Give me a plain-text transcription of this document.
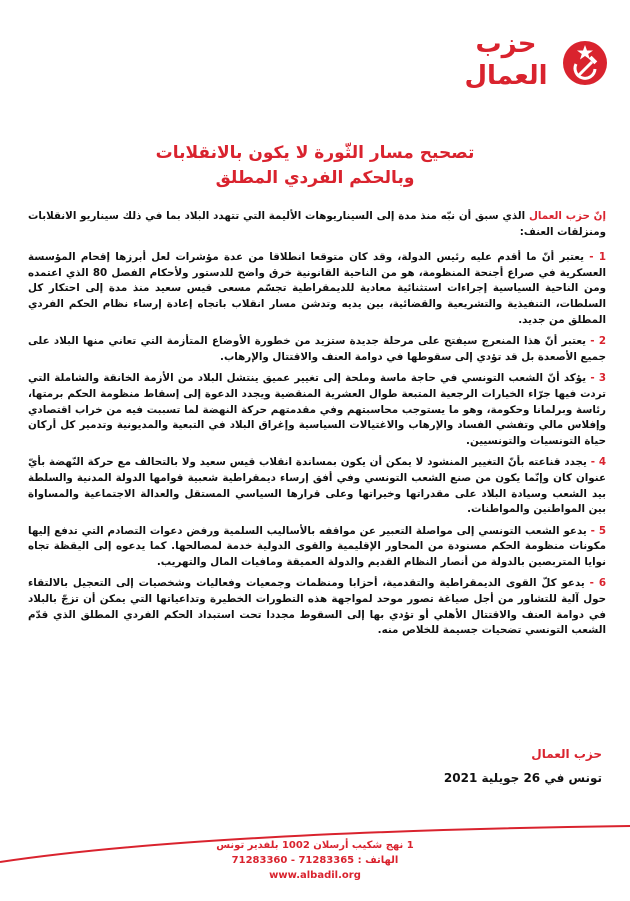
حزب
العمال
تصحيح مسار الثّورة لا يكون بالانقلابات
وبالحكم الفردي المطلق

إنّ حزب العمال الذي سبق أن نبّه منذ مدة إلى السيناريوهات الأليمة التي تتهدد البلاد بما في ذلك سيناريو الانقلابات ومنزلقات العنف:

1 - يعتبر أنّ ما أقدم عليه رئيس الدولة، وقد كان متوقعا انطلاقا من عدة مؤشرات لعل أبرزها إقحام المؤسسة العسكرية في صراع أجنحة المنظومة، هو من الناحية القانونية خرق واضح للدستور ولأحكام الفصل 80 الذي اعتمده ومن الناحية السياسية إجراءات استثنائية معادية للديمقراطية تجسّم مسعى قيس سعيد منذ مدة إلى احتكار كل السلطات، التنفيذية والتشريعية والقضائية، بين يديه وتدشن مسار انقلاب باتجاه إعادة إرساء نظام الحكم الفردي المطلق من جديد.

2 - يعتبر أنّ هذا المنعرج سيفتح على مرحلة جديدة ستزيد من خطورة الأوضاع المتأزمة التي تعاني منها البلاد على جميع الأصعدة بل قد تؤدي إلى سقوطها في دوامة العنف والاقتتال والإرهاب.

3 - يؤكد أنّ الشعب التونسي في حاجة ماسة وملحة إلى تغيير عميق ينتشل البلاد من الأزمة الخانقة والشاملة التي تردت فيها جرّاء الخيارات الرجعية المتبعة طوال العشرية المنقضية ويجدد الدعوة إلى إسقاط منظومة الحكم برمتها، رئاسة وبرلمانا وحكومة، وهو ما يستوجب محاسبتهم وفي مقدمتهم حركة النهضة لما تسببت فيه من خراب اقتصادي وإفلاس مالي وتفشي الفساد والإرهاب والاغتيالات السياسية وإغراق البلاد في التبعية والمديونية وتدمير كل أركان حياة التونسيات والتونسيين.

4 - يجدد قناعته بأنّ التغيير المنشود لا يمكن أن يكون بمساندة انقلاب قيس سعيد ولا بالتحالف مع حركة النّهضة بأيّ عنوان كان وإنّما يكون من صنع الشعب التونسي وفي أفق إرساء ديمقراطية شعبية قوامها الدولة المدنية والسلطة بيد الشعب وسيادة البلاد على مقدراتها وخيراتها وعلى قرارها السياسي المستقل والعدالة الاجتماعية والمساواة بين المواطنين والمواطنات.

5 - يدعو الشعب التونسي إلى مواصلة التعبير عن مواقفه بالأساليب السلمية ورفض دعوات التصادم التي تدفع إليها مكونات منظومة الحكم مسنودة من المحاور الإقليمية والقوى الدولية خدمة لمصالحها. كما يدعوه إلى اليقظة تجاه نوايا المتربصين بالدولة من أنصار النظام القديم والدولة العميقة ومافيات المال والتهريب.

6 - يدعو كلّ القوى الديمقراطية والتقدمية، أحزابا ومنظمات وجمعيات وفعاليات وشخصيات إلى التعجيل بالالتقاء حول آلية للتشاور من أجل صياغة تصور موحد لمواجهة هذه التطورات الخطيرة وتداعياتها التي يمكن أن تزجّ بالبلاد في دوامة العنف والاقتتال الأهلي أو تؤدي بها إلى السقوط مجددا تحت استبداد الحكم الفردي المطلق الذي قدّم الشعب التونسي تضحيات جسيمة للخلاص منه.

حزب العمال
تونس في 26 جويلية 2021
1 نهج شكيب أرسلان 1002 بلفدير تونس
الهاتف : 71283365 - 71283360
www.albadil.org
